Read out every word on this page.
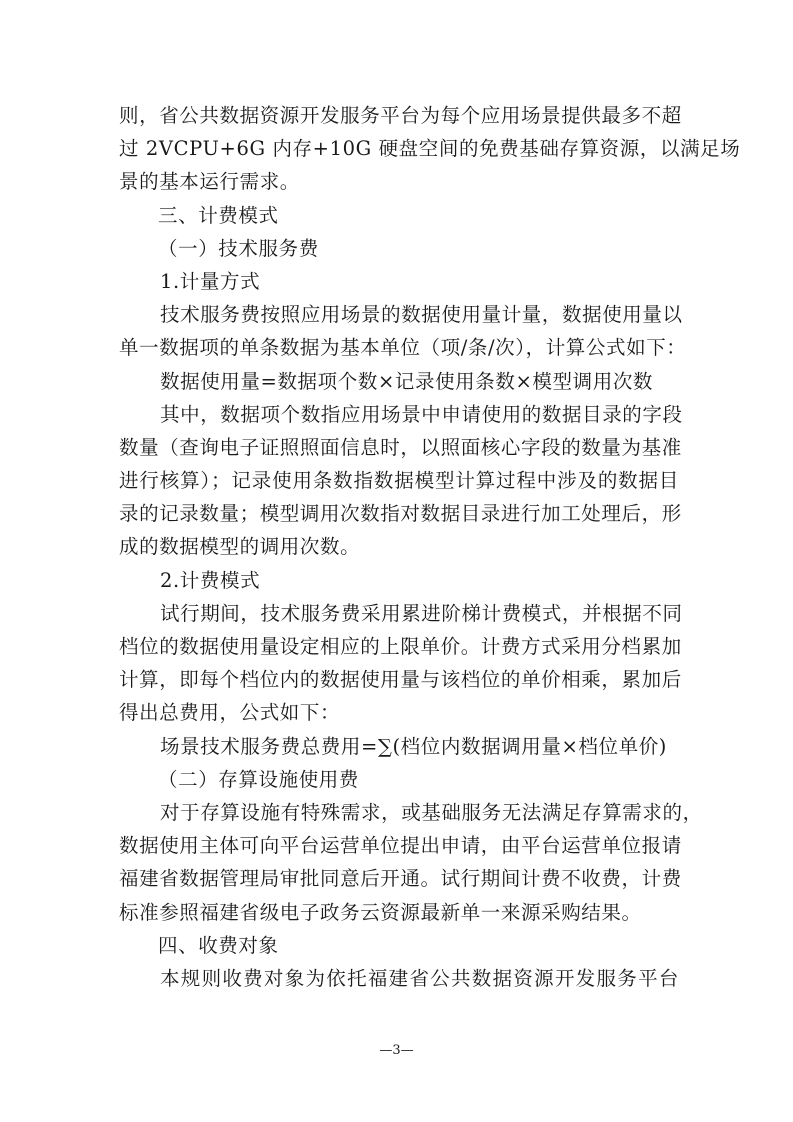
则，省公共数据资源开发服务平台为每个应用场景提供最多不超
过 2VCPU+6G 内存+10G 硬盘空间的免费基础存算资源，以满足场
景的基本运行需求。
三、计费模式
（一）技术服务费
1.计量方式
技术服务费按照应用场景的数据使用量计量，数据使用量以
单一数据项的单条数据为基本单位（项/条/次），计算公式如下：
数据使用量=数据项个数×记录使用条数×模型调用次数
其中，数据项个数指应用场景中申请使用的数据目录的字段
数量（查询电子证照照面信息时，以照面核心字段的数量为基准
进行核算）；记录使用条数指数据模型计算过程中涉及的数据目
录的记录数量；模型调用次数指对数据目录进行加工处理后，形
成的数据模型的调用次数。
2.计费模式
试行期间，技术服务费采用累进阶梯计费模式，并根据不同
档位的数据使用量设定相应的上限单价。计费方式采用分档累加
计算，即每个档位内的数据使用量与该档位的单价相乘，累加后
得出总费用，公式如下：
场景技术服务费总费用=∑(档位内数据调用量×档位单价)
（二）存算设施使用费
对于存算设施有特殊需求，或基础服务无法满足存算需求的，
数据使用主体可向平台运营单位提出申请，由平台运营单位报请
福建省数据管理局审批同意后开通。试行期间计费不收费，计费
标准参照福建省级电子政务云资源最新单一来源采购结果。
四、收费对象
本规则收费对象为依托福建省公共数据资源开发服务平台
—3—
